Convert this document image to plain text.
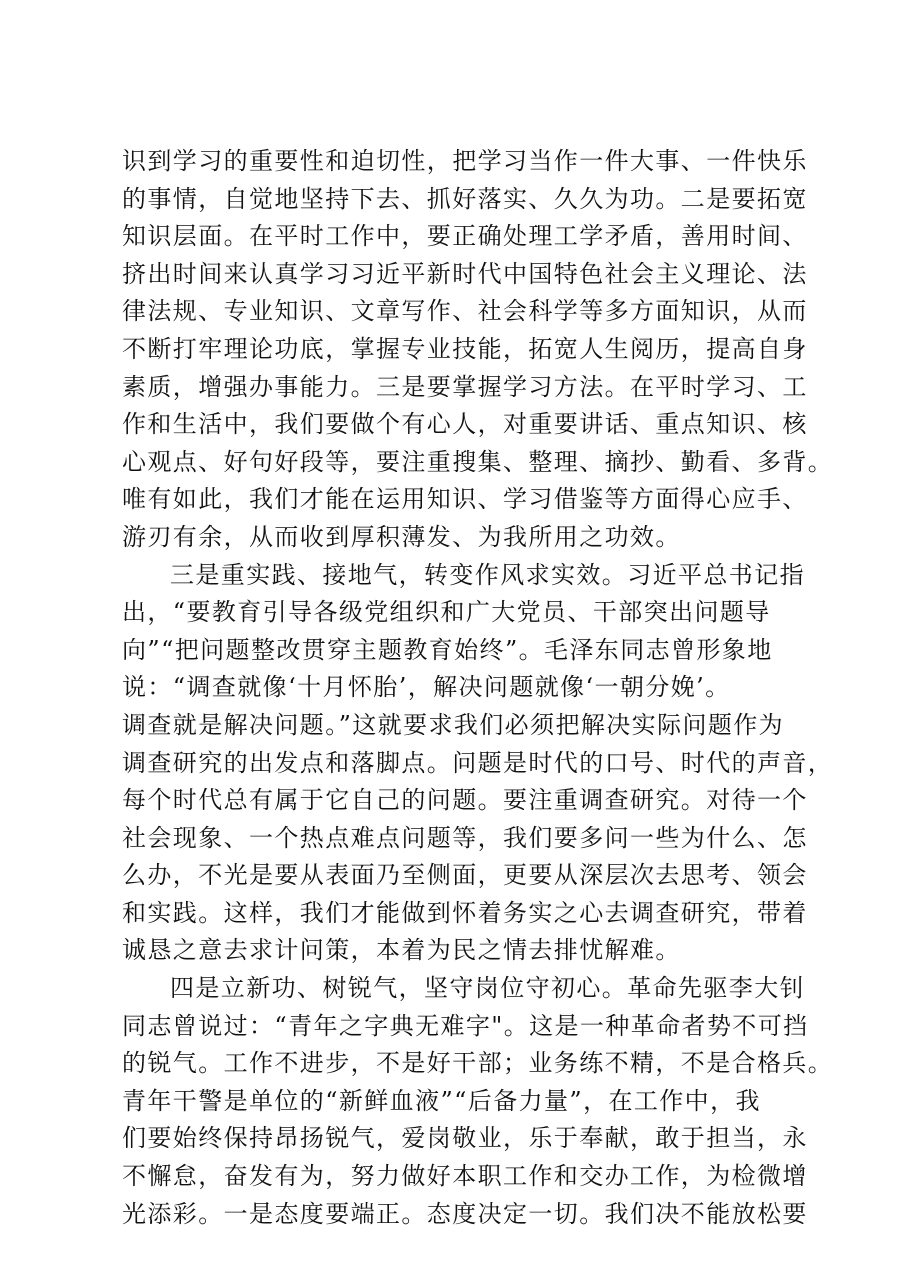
识到学习的重要性和迫切性，把学习当作一件大事、一件快乐
的事情，自觉地坚持下去、抓好落实、久久为功。二是要拓宽
知识层面。在平时工作中，要正确处理工学矛盾，善用时间、
挤出时间来认真学习习近平新时代中国特色社会主义理论、法
律法规、专业知识、文章写作、社会科学等多方面知识，从而
不断打牢理论功底，掌握专业技能，拓宽人生阅历，提高自身
素质，增强办事能力。三是要掌握学习方法。在平时学习、工
作和生活中，我们要做个有心人，对重要讲话、重点知识、核
心观点、好句好段等，要注重搜集、整理、摘抄、勤看、多背。
唯有如此，我们才能在运用知识、学习借鉴等方面得心应手、
游刃有余，从而收到厚积薄发、为我所用之功效。
三是重实践、接地气，转变作风求实效。习近平总书记指
出，“要教育引导各级党组织和广大党员、干部突出问题导
向”“把问题整改贯穿主题教育始终”。毛泽东同志曾形象地
说：“调查就像‘十月怀胎’，解决问题就像‘一朝分娩’。
调查就是解决问题。”这就要求我们必须把解决实际问题作为
调查研究的出发点和落脚点。问题是时代的口号、时代的声音，
每个时代总有属于它自己的问题。要注重调查研究。对待一个
社会现象、一个热点难点问题等，我们要多问一些为什么、怎
么办，不光是要从表面乃至侧面，更要从深层次去思考、领会
和实践。这样，我们才能做到怀着务实之心去调查研究，带着
诚恳之意去求计问策，本着为民之情去排忧解难。
四是立新功、树锐气，坚守岗位守初心。革命先驱李大钊
同志曾说过：“青年之字典无难字"。这是一种革命者势不可挡
的锐气。工作不进步，不是好干部；业务练不精，不是合格兵。
青年干警是单位的“新鲜血液”“后备力量”，在工作中，我
们要始终保持昂扬锐气，爱岗敬业，乐于奉献，敢于担当，永
不懈怠，奋发有为，努力做好本职工作和交办工作，为检微增
光添彩。一是态度要端正。态度决定一切。我们决不能放松要
